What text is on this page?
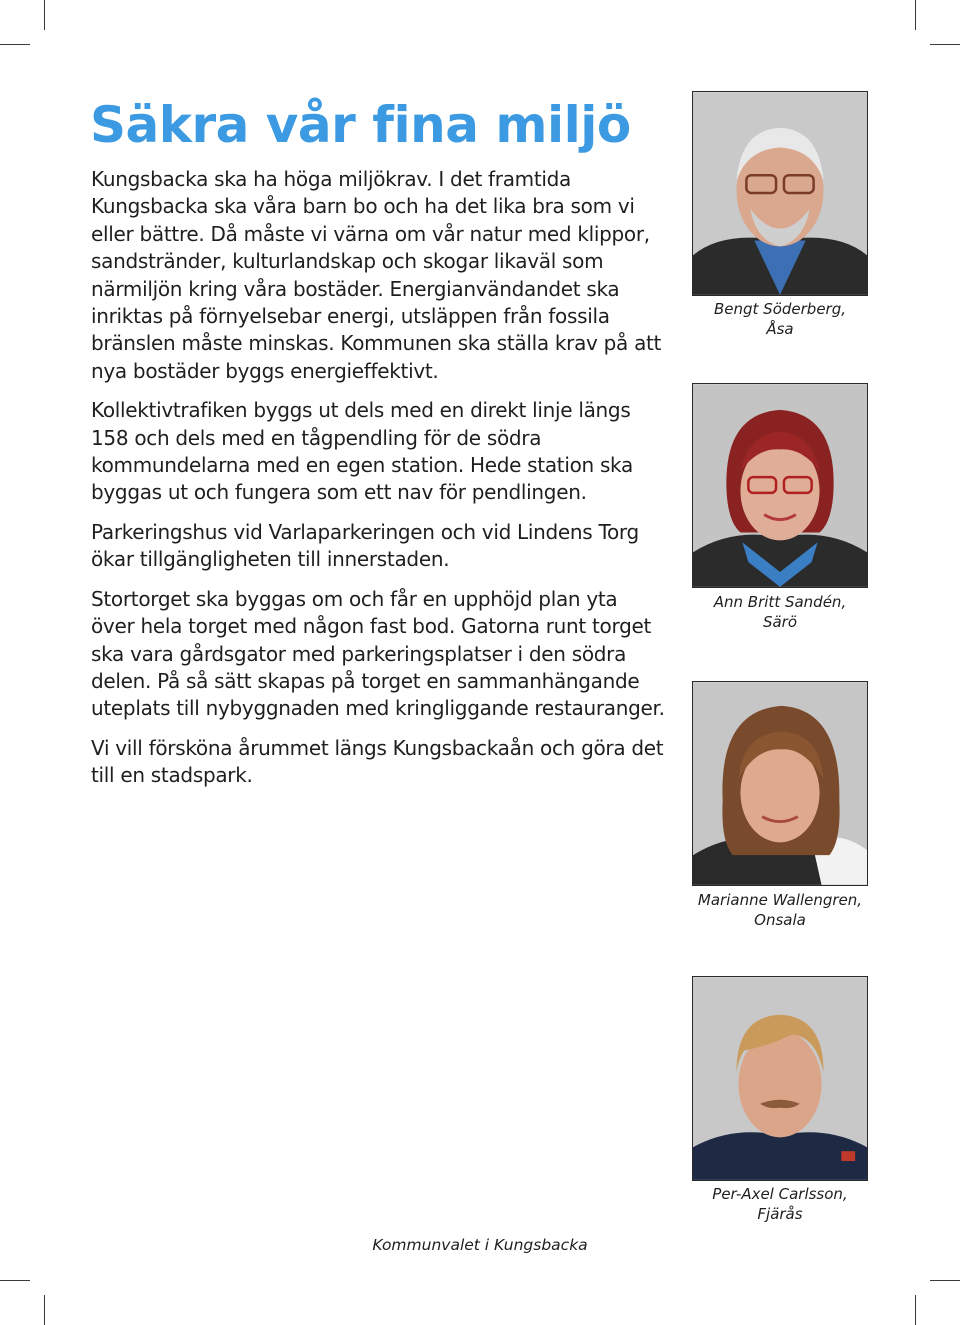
Säkra vår fina miljö

Kungsbacka ska ha höga miljökrav. I det framtida Kungsbacka ska våra barn bo och ha det lika bra som vi eller bättre. Då måste vi värna om vår natur med klippor, sandstränder, kulturlandskap och skogar likaväl som närmiljön kring våra bostäder. Energianvändandet ska inriktas på förnyelsebar energi, utsläppen från fossila bränslen måste minskas. Kommunen ska ställa krav på att nya bostäder byggs energieffektivt.

Kollektivtrafiken byggs ut dels med en direkt linje längs 158 och dels med en tågpendling för de södra kommundelarna med en egen station. Hede station ska byggas ut och fungera som ett nav för pendlingen.

Parkeringshus vid Varlaparkeringen och vid Lindens Torg ökar tillgängligheten till innerstaden.

Stortorget ska byggas om och får en upphöjd plan yta över hela torget med någon fast bod. Gatorna runt torget ska vara gårdsgator med parkeringsplatser i den södra delen. På så sätt skapas på torget en sammanhängande uteplats till nybyggnaden med kringliggande restauranger.

Vi vill försköna årummet längs Kungsbackaån och göra det till en stadspark.

Bengt Söderberg,
Åsa
Ann Britt Sandén,
Särö
Marianne Wallengren,
Onsala
Per-Axel Carlsson,
Fjärås
Kommunvalet i Kungsbacka
